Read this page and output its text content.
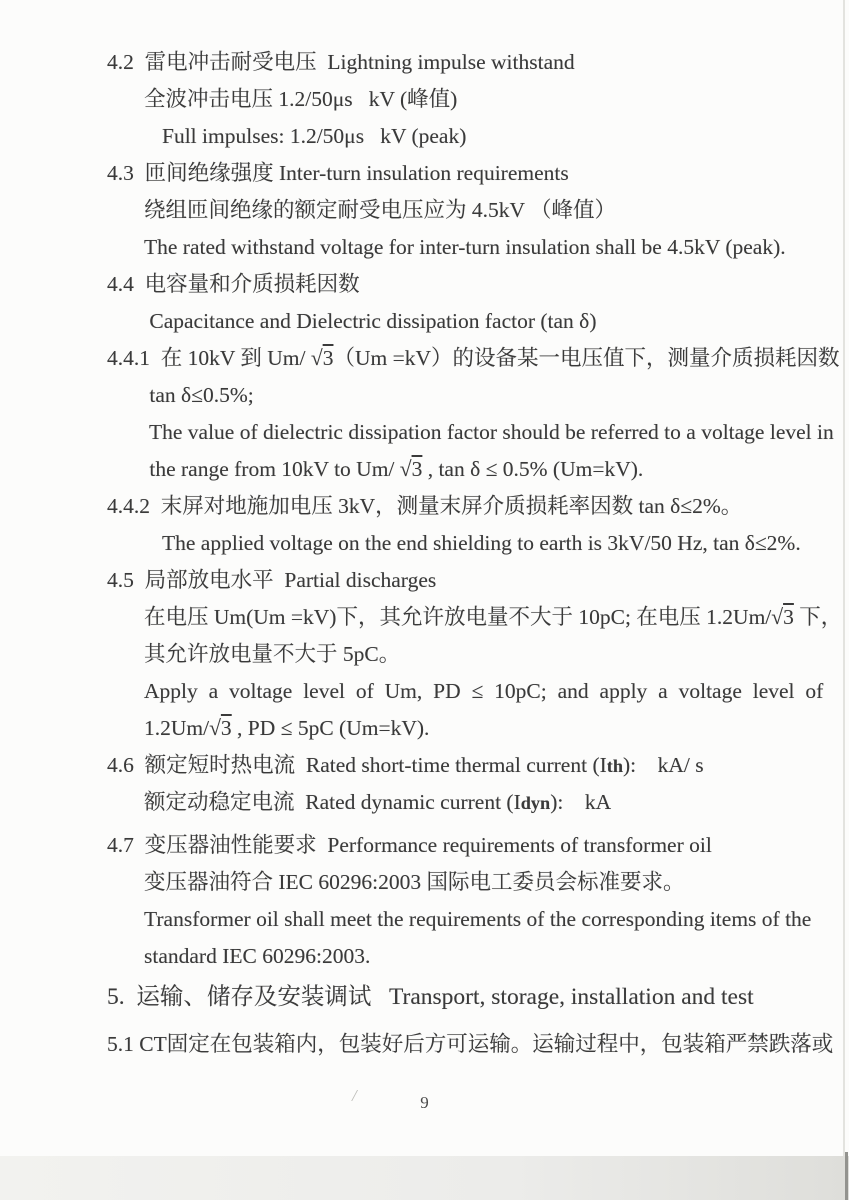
4.2  雷电冲击耐受电压  Lightning impulse withstand
全波冲击电压 1.2/50μs   kV (峰值)
Full impulses: 1.2/50μs   kV (peak)
4.3  匝间绝缘强度 Inter-turn insulation requirements
绕组匝间绝缘的额定耐受电压应为 4.5kV （峰值）
The rated withstand voltage for inter-turn insulation shall be 4.5kV (peak).
4.4  电容量和介质损耗因数
Capacitance and Dielectric dissipation factor (tan δ)
4.4.1  在 10kV 到 Um/ √3（Um =kV）的设备某一电压值下，测量介质损耗因数
tan δ≤0.5%;
The value of dielectric dissipation factor should be referred to a voltage level in
the range from 10kV to Um/ √3 , tan δ ≤ 0.5% (Um=kV).
4.4.2  末屏对地施加电压 3kV，测量末屏介质损耗率因数 tan δ≤2%。
The applied voltage on the end shielding to earth is 3kV/50 Hz, tan δ≤2%.
4.5  局部放电水平  Partial discharges
在电压 Um(Um =kV)下，其允许放电量不大于 10pC; 在电压 1.2Um/√3 下，
其允许放电量不大于 5pC。
Apply a voltage level of Um, PD ≤ 10pC; and apply a voltage level of
1.2Um/√3 , PD ≤ 5pC (Um=kV).
4.6  额定短时热电流  Rated short-time thermal current (Ith):    kA/ s
额定动稳定电流  Rated dynamic current (Idyn):    kA
4.7  变压器油性能要求  Performance requirements of transformer oil
变压器油符合 IEC 60296:2003 国际电工委员会标准要求。
Transformer oil shall meet the requirements of the corresponding items of the
standard IEC 60296:2003.
5.  运输、储存及安装调试   Transport, storage, installation and test
5.1 CT固定在包装箱内，包装好后方可运输。运输过程中，包装箱严禁跌落或
/	9
